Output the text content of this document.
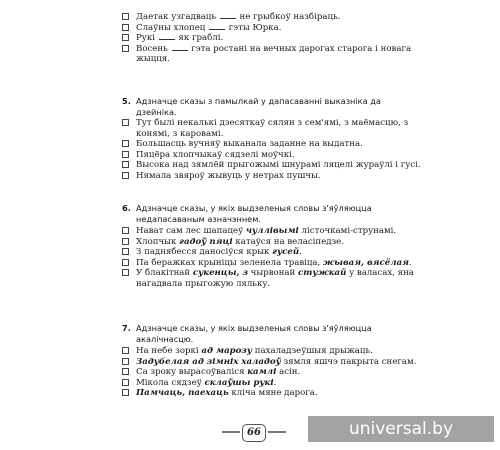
Даетак узгадваць  не грыбкоў назбіраць.
Слаўны хлопец  гэты Юрка.
Рукі  як граблі.
Восень  гэта ростані на вечных дарогах старога і новага жыцця.
5. Адзначце сказы з памылкай у дапасаванні выказніка да дзейніка.
Тут былі некалькі дзесяткаў сялян з сем'ямі, з маёмасцю, з конямі, з каровамі.
Большасць вучняў выканала заданне на выдатна.
Пяцёра хлопчыкаў сядзелі моўчкі.
Высока над зямлёй прыгожымі шнурамі ляцелі жураўлі і гусі.
Нямала звяроў жывуць у нетрах пушчы.
6. Адзначце сказы, у якіх выдзеленыя словы з'яўляюцца недапасаваным азначэннем.
Нават сам лес шапацеў чуллівымі лісточкамі-струнамі.
Хлопчык гадоў пяці катаўся на веласіпедзе.
З паднябесся даносіўся крык гусей.
Па беражках крыніцы зеленела травіца, жывая, вясёлая.
У блакітнай сукенцы, з чырвонай стужкай у валасах, яна нагадвала прыгожую ляльку.
7. Адзначце сказы, у якіх выдзеленыя словы з'яўляюцца акалічнасцю.
На небе зоркі ад марозу пахаладзеўшыя дрыжаць.
Задубелая ад зімніх халадоў зямля яшчэ пакрыта снегам.
Са зрокy вырасоўваліся камлі асін.
Мікола сядзеў склаўшы рукі.
Памчаць, паехаць кліча мяне дарога.
66	universal.by
